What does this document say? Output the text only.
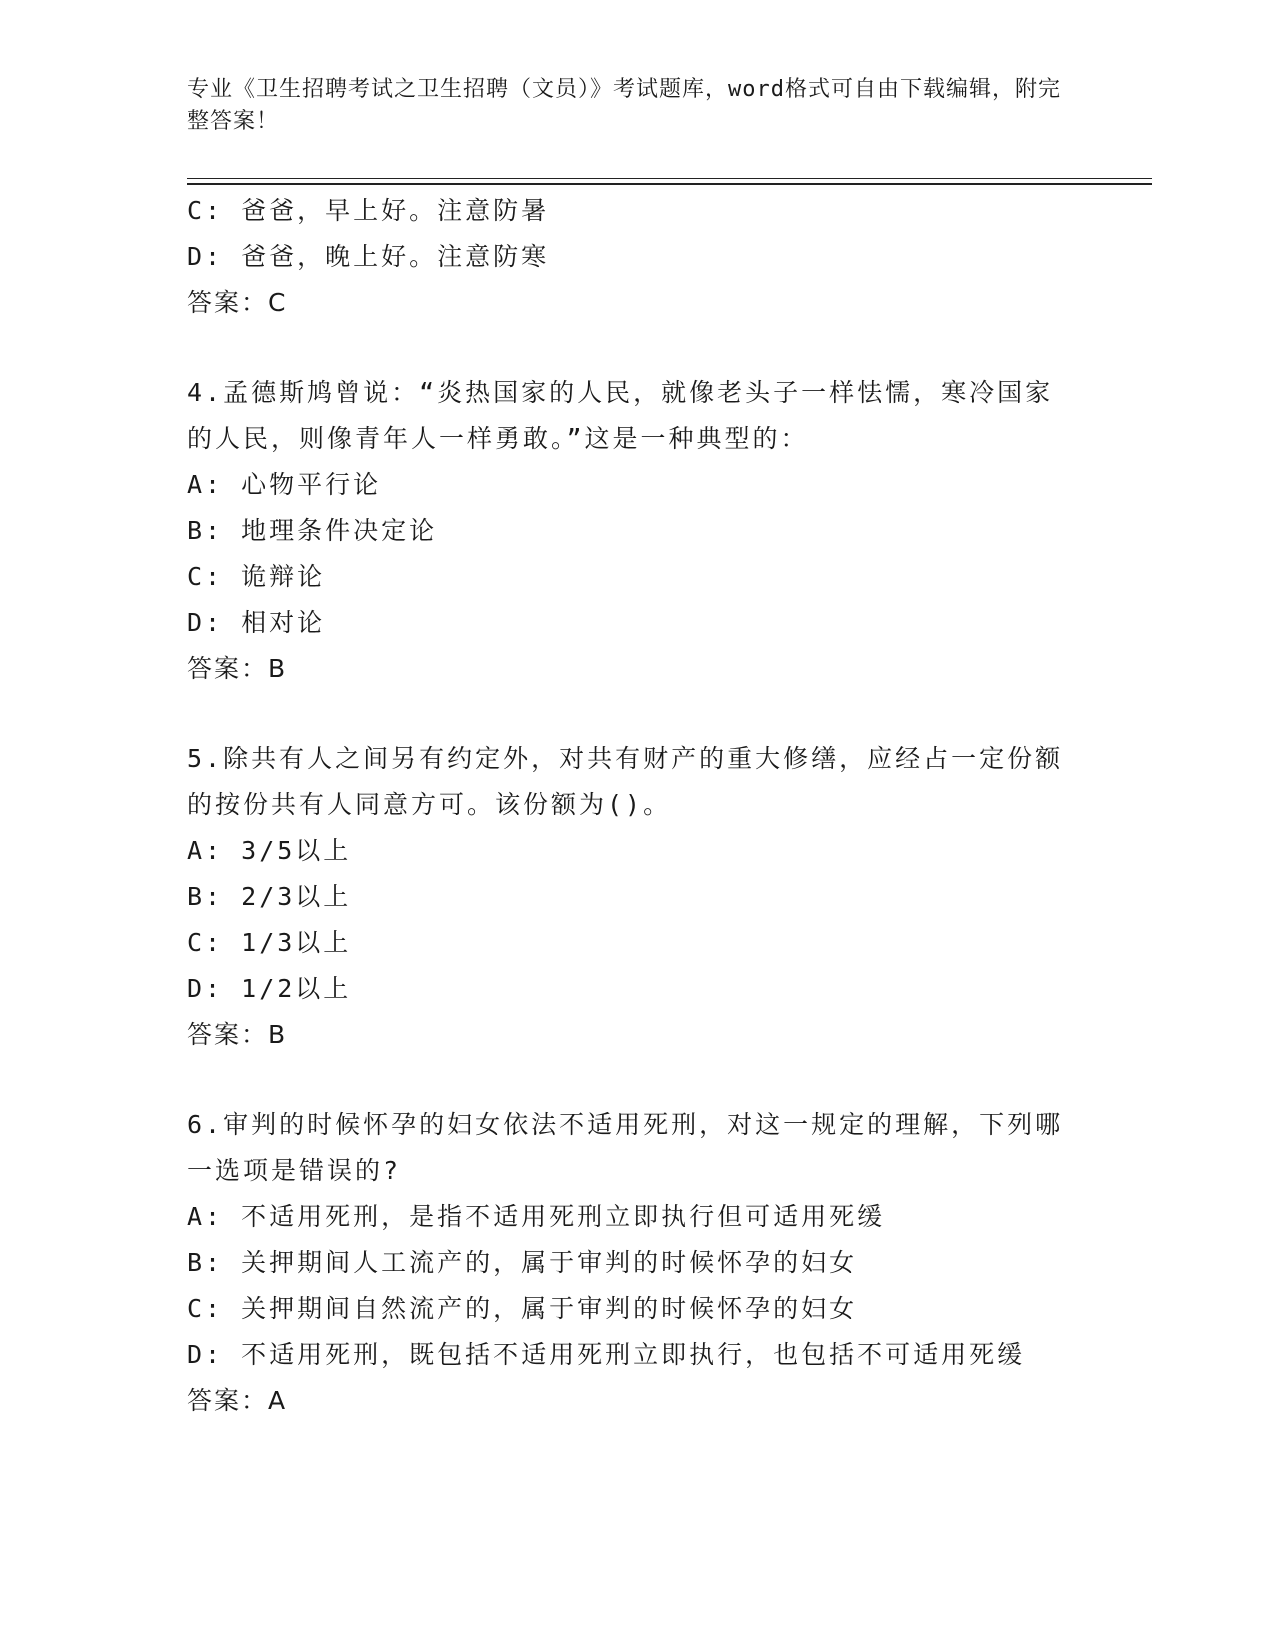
专业《卫生招聘考试之卫生招聘（文员）》考试题库，word格式可自由下载编辑，附完整答案！
C: 爸爸，早上好。注意防暑
D: 爸爸，晚上好。注意防寒
答案：C
4.孟德斯鸠曾说：“炎热国家的人民，就像老头子一样怯懦，寒冷国家的人民，则像青年人一样勇敢。”这是一种典型的：
A: 心物平行论
B: 地理条件决定论
C: 诡辩论
D: 相对论
答案：B
5.除共有人之间另有约定外，对共有财产的重大修缮，应经占一定份额的按份共有人同意方可。该份额为()。
A: 3/5以上
B: 2/3以上
C: 1/3以上
D: 1/2以上
答案：B
6.审判的时候怀孕的妇女依法不适用死刑，对这一规定的理解，下列哪一选项是错误的?
A: 不适用死刑，是指不适用死刑立即执行但可适用死缓
B: 关押期间人工流产的，属于审判的时候怀孕的妇女
C: 关押期间自然流产的，属于审判的时候怀孕的妇女
D: 不适用死刑，既包括不适用死刑立即执行，也包括不可适用死缓
答案：A
